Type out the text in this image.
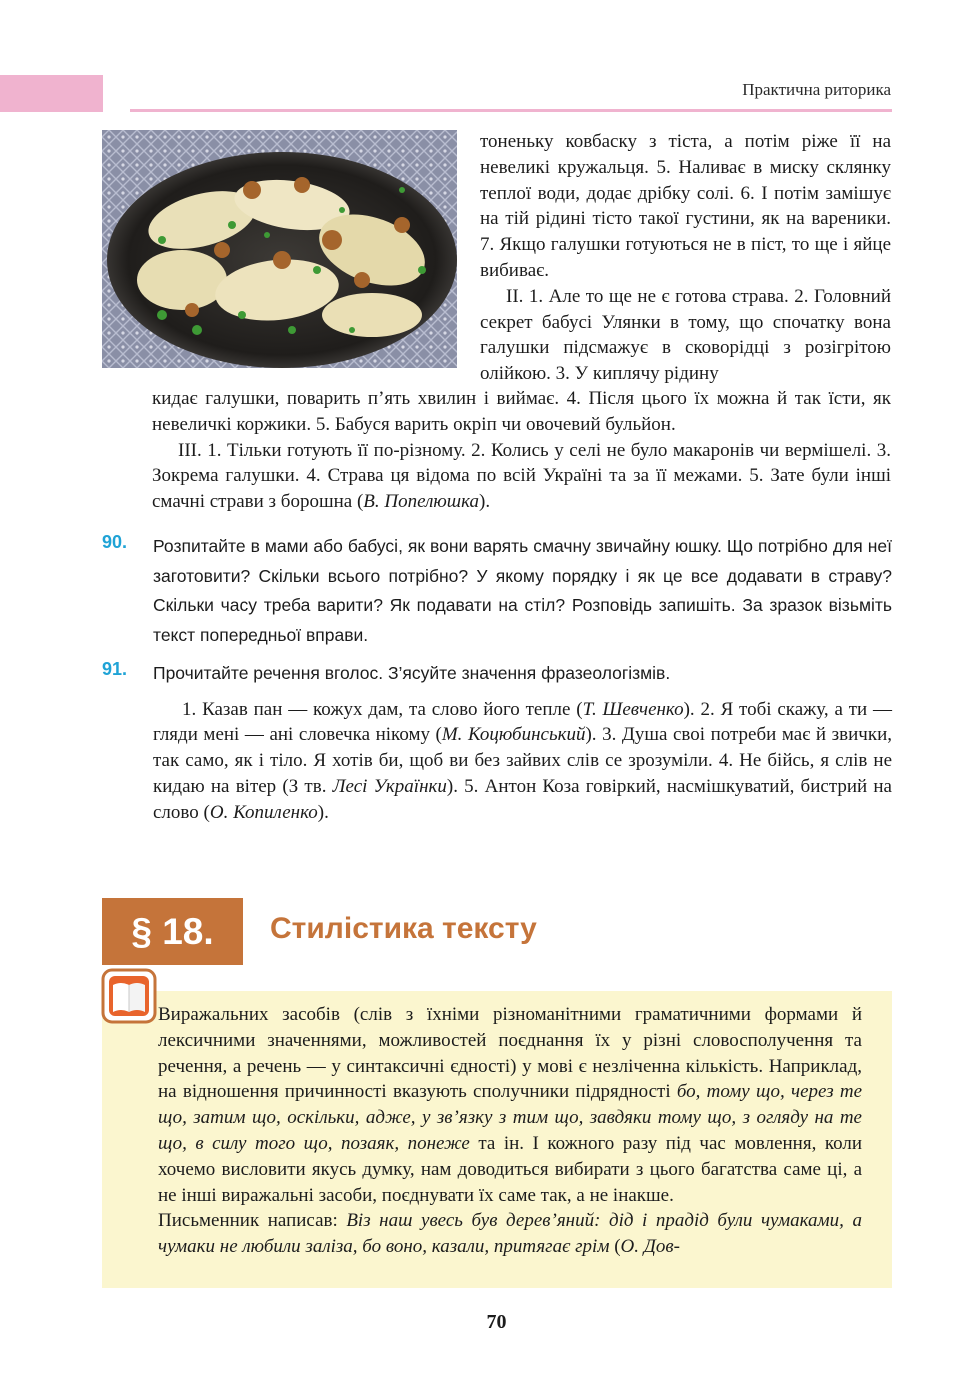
Практична риторика

тоненьку ковбаску з тіста, а потім ріже її на невеликі кружальця. 5. Наливає в миску склянку теплої води, додає дрібку солі. 6. І потім замішує на тій рідині тісто такої густини, як на вареники. 7. Якщо галушки готуються не в піст, то ще і яйце вибиває.

ІІ. 1. Але то ще не є готова страва. 2. Головний секрет бабусі Улянки в тому, що спочатку вона галушки підсмажує в сковорідці з розігрітою олійкою. 3. У киплячу рідину

кидає галушки, поварить п’ять хвилин і виймає. 4. Після цього їх можна й так їсти, як невеличкі коржики. 5. Бабуся варить окріп чи овочевий бульйон.

ІІІ. 1. Тільки готують її по-різному. 2. Колись у селі не було макаронів чи вермішелі. 3. Зокрема галушки. 4. Страва ця відома по всій Україні та за її межами. 5. Зате були інші смачні страви з борошна (В. Попелюшка).

90. Розпитайте в мами або бабусі, як вони варять смачну звичайну юшку. Що потрібно для неї заготовити? Скільки всього потрібно? У якому порядку і як це все додавати в страву? Скільки часу треба варити? Як подавати на стіл? Розповідь запишіть. За зразок візьміть текст попередньої вправи.

91. Прочитайте речення вголос. З’ясуйте значення фразеологізмів.

1. Казав пан — кожух дам, та слово його тепле (Т. Шевченко). 2. Я тобі скажу, а ти — гляди мені — ані словечка нікому (М. Коцюбинський). 3. Душа своі потреби має й звички, так само, як і тіло. Я хотів би, щоб ви без зайвих слів се зрозуміли. 4. Не бійсь, я слів не кидаю на вітер (З тв. Лесі Українки). 5. Антон Коза говіркий, насмішкуватий, бистрий на слово (О. Копиленко).

§ 18.	Стилістика тексту

Виражальних засобів (слів з їхніми різноманітними граматичними формами й лексичними значеннями, можливостей поєднання їх у різні словосполучення та речення, а речень — у синтаксичні єдності) у мові є незліченна кількість. Наприклад, на відношення причинності вказують сполучники підрядності бо, тому що, через те що, затим що, оскільки, адже, у зв’язку з тим що, завдяки тому що, з огляду на те що, в силу того що, позаяк, понеже та ін. І кожного разу під час мовлення, коли хочемо висловити якусь думку, нам доводиться вибирати з цього багатства саме ці, а не інші виражальні засоби, поєднувати їх саме так, а не інакше.

Письменник написав: Віз наш увесь був дерев’яний: дід і прадід були чумаками, а чумаки не любили заліза, бо воно, казали, притягає грім (О. Дов-

70
